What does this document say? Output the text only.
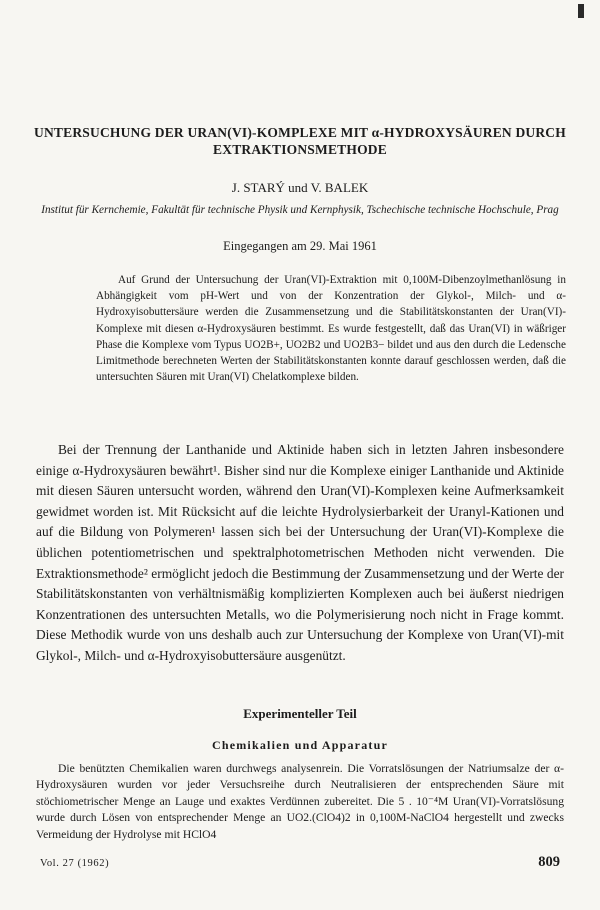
UNTERSUCHUNG DER URAN(VI)-KOMPLEXE MIT α-HYDROXYSÄUREN DURCH EXTRAKTIONSMETHODE

J. STARÝ und V. BALEK

Institut für Kernchemie, Fakultät für technische Physik und Kernphysik, Tschechische technische Hochschule, Prag

Eingegangen am 29. Mai 1961

Auf Grund der Untersuchung der Uran(VI)-Extraktion mit 0,100M-Dibenzoylmethanlösung in Abhängigkeit vom pH-Wert und von der Konzentration der Glykol-, Milch- und α-Hydroxyisobuttersäure werden die Zusammensetzung und die Stabilitätskonstanten der Uran(VI)-Komplexe mit diesen α-Hydroxysäuren bestimmt. Es wurde festgestellt, daß das Uran(VI) in wäßriger Phase die Komplexe vom Typus UO2B+, UO2B2 und UO2B3− bildet und aus den durch die Ledensche Limitmethode berechneten Werten der Stabilitätskonstanten konnte darauf geschlossen werden, daß die untersuchten Säuren mit Uran(VI) Chelatkomplexe bilden.

Bei der Trennung der Lanthanide und Aktinide haben sich in letzten Jahren insbesondere einige α-Hydroxysäuren bewährt¹. Bisher sind nur die Komplexe einiger Lanthanide und Aktinide mit diesen Säuren untersucht worden, während den Uran(VI)-Komplexen keine Aufmerksamkeit gewidmet worden ist. Mit Rücksicht auf die leichte Hydrolysierbarkeit der Uranyl-Kationen und auf die Bildung von Polymeren¹ lassen sich bei der Untersuchung der Uran(VI)-Komplexe die üblichen potentiometrischen und spektralphotometrischen Methoden nicht verwenden. Die Extraktionsmethode² ermöglicht jedoch die Bestimmung der Zusammensetzung und der Werte der Stabilitätskonstanten von verhältnismäßig komplizierten Komplexen auch bei äußerst niedrigen Konzentrationen des untersuchten Metalls, wo die Polymerisierung noch nicht in Frage kommt. Diese Methodik wurde von uns deshalb auch zur Untersuchung der Komplexe von Uran(VI)-mit Glykol-, Milch- und α-Hydroxyisobuttersäure ausgenützt.

Experimenteller Teil
Chemikalien und Apparatur

Die benützten Chemikalien waren durchwegs analysenrein. Die Vorratslösungen der Natriumsalze der α-Hydroxysäuren wurden vor jeder Versuchsreihe durch Neutralisieren der entsprechenden Säure mit stöchiometrischer Menge an Lauge und exaktes Verdünnen zubereitet. Die 5 . 10⁻⁴M Uran(VI)-Vorratslösung wurde durch Lösen von entsprechender Menge an UO2.(ClO4)2 in 0,100M-NaClO4 hergestellt und zwecks Vermeidung der Hydrolyse mit HClO4

Vol. 27 (1962)	809
